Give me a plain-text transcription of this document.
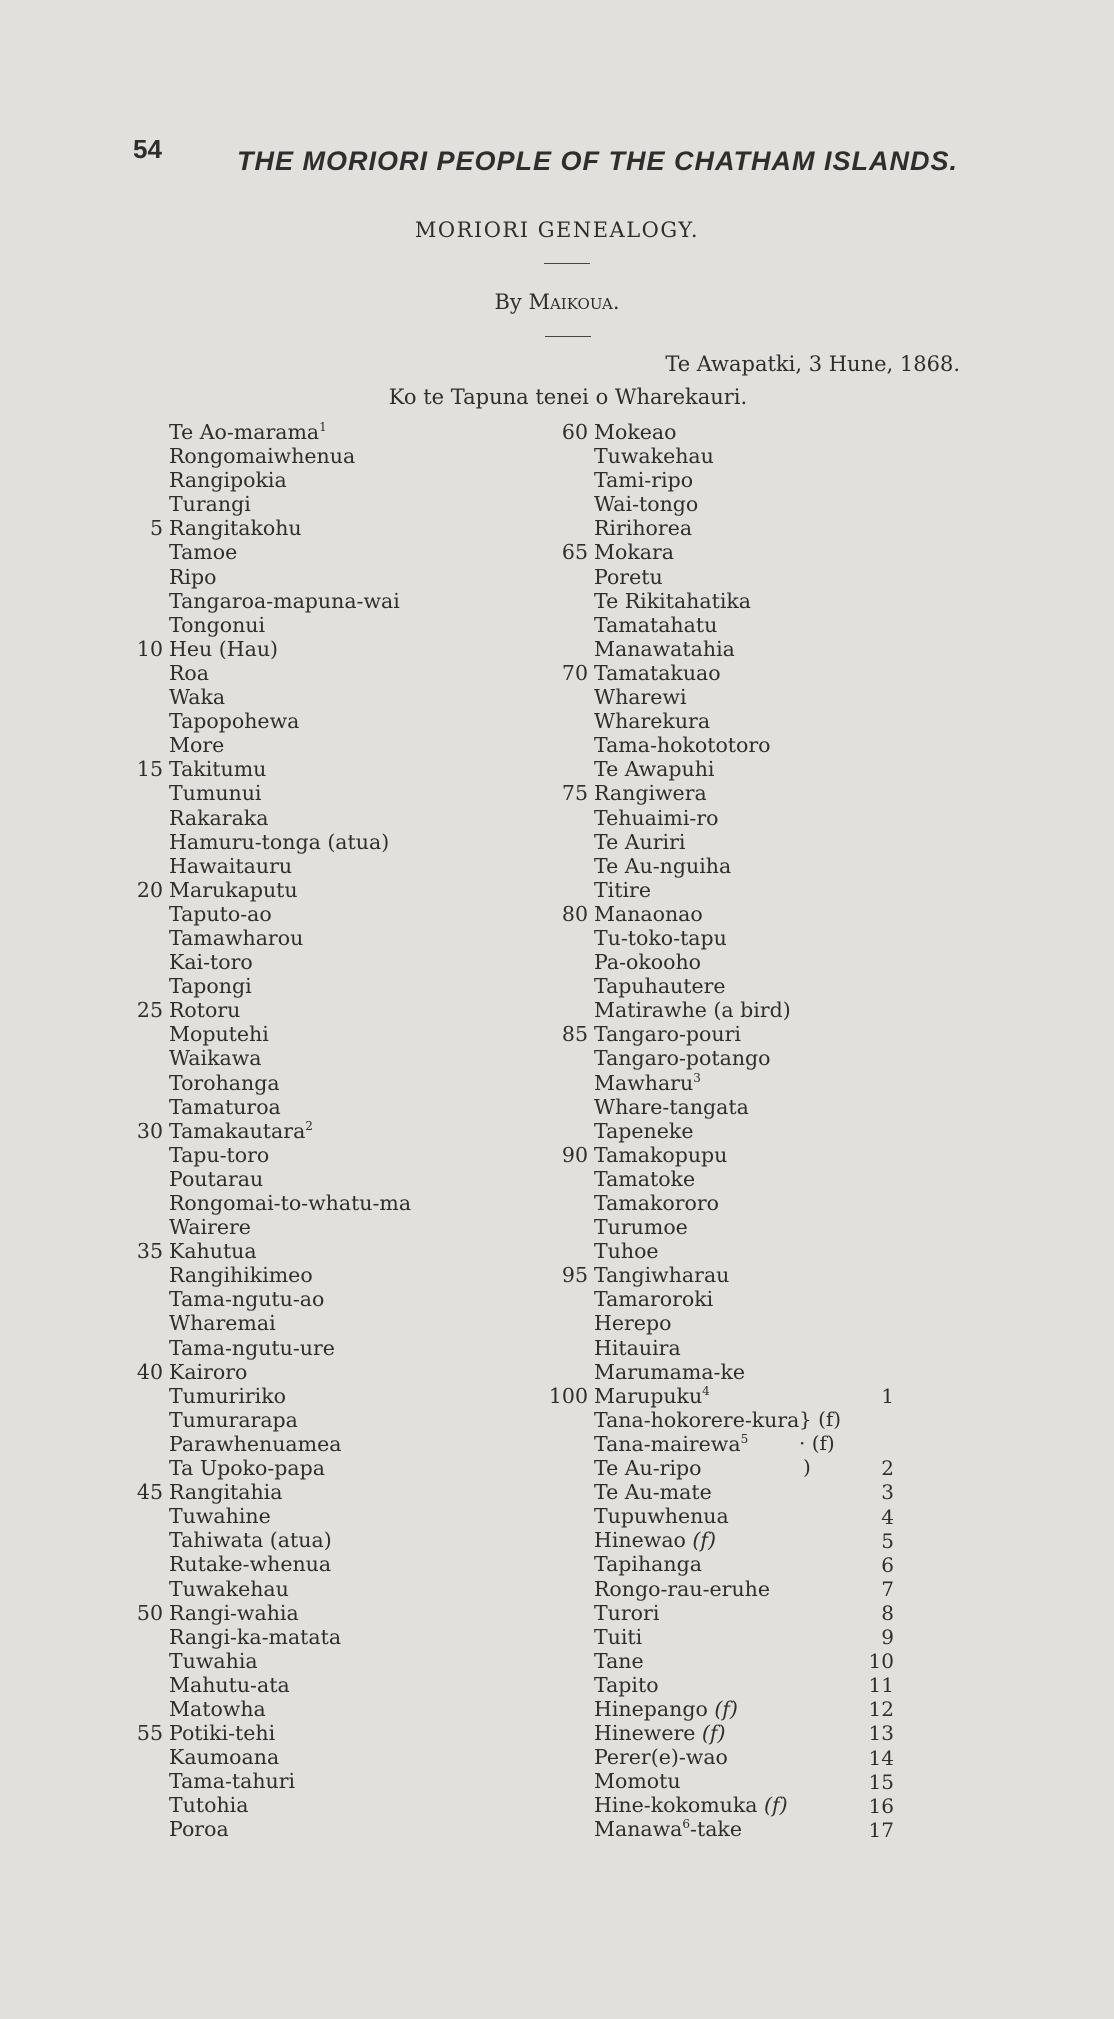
54	THE MORIORI PEOPLE OF THE CHATHAM ISLANDS.
MORIORI GENEALOGY.
By Maikoua.
Te Awapatki, 3 Hune, 1868.
Ko te Tapuna tenei o Wharekauri.
Te Ao-marama$^1$
Rongomaiwhenua
Rangipokia
Turangi
5 Rangitakohu
Tamoe
Ripo
Tangaroa-mapuna-wai
Tongonui
10 Heu (Hau)
Roa
Waka
Tapopohewa
More
15 Takitumu
Tumunui
Rakaraka
Hamuru-tonga (atua)
Hawaitauru
20 Marukaputu
Taputo-ao
Tamawharou
Kai-toro
Tapongi
25 Rotoru
Moputehi
Waikawa
Torohanga
Tamaturoa
30 Tamakautara$^2$
Tapu-toro
Poutarau
Rongomai-to-whatu-ma
Wairere
35 Kahutua
Rangihikimeo
Tama-ngutu-ao
Wharemai
Tama-ngutu-ure
40 Kairoro
Tumuririko
Tumurarapa
Parawhenuamea
Ta Upoko-papa
45 Rangitahia
Tuwahine
Tahiwata (atua)
Rutake-whenua
Tuwakehau
50 Rangi-wahia
Rangi-ka-matata
Tuwahia
Mahutu-ata
Matowha
55 Potiki-tehi
Kaumoana
Tama-tahuri
Tutohia
Poroa
60 Mokeao
Tuwakehau
Tami-ripo
Wai-tongo
Ririhorea
65 Mokara
Poretu
Te Rikitahatika
Tamatahatu
Manawatahia
70 Tamatakuao
Wharewi
Wharekura
Tama-hokototoro
Te Awapuhi
75 Rangiwera
Tehuaimi-ro
Te Auriri
Te Au-nguiha
Titire
80 Manaonao
Tu-toko-tapu
Pa-okooho
Tapuhautere
Matirawhe (a bird)
85 Tangaro-pouri
Tangaro-potango
Mawharu$^3$
Whare-tangata
Tapeneke
90 Tamakopupu
Tamatoke
Tamakororo
Turumoe
Tuhoe
95 Tangiwharau
Tamaroroki
Herepo
Hitauira
Marumama-ke
100 Marupuku$^4$
Tana-hokorere-kura
Tana-mairewa$^5$
Te Au-ripo
Te Au-mate
Tupuwhenua
Hinewao (f)
Tapihanga
Rongo-rau-eruhe
Turori
Tuiti
Tane
Tapito
Hinepango (f)
Hinewere (f)
Perer(e)-wao
Momotu
Hine-kokomuka (f)
Manawa$^6$-take
1
2
3
4
5
6
7
8
9
10
11
12
13
14
15
16
17
} (f)
· (f)
)
